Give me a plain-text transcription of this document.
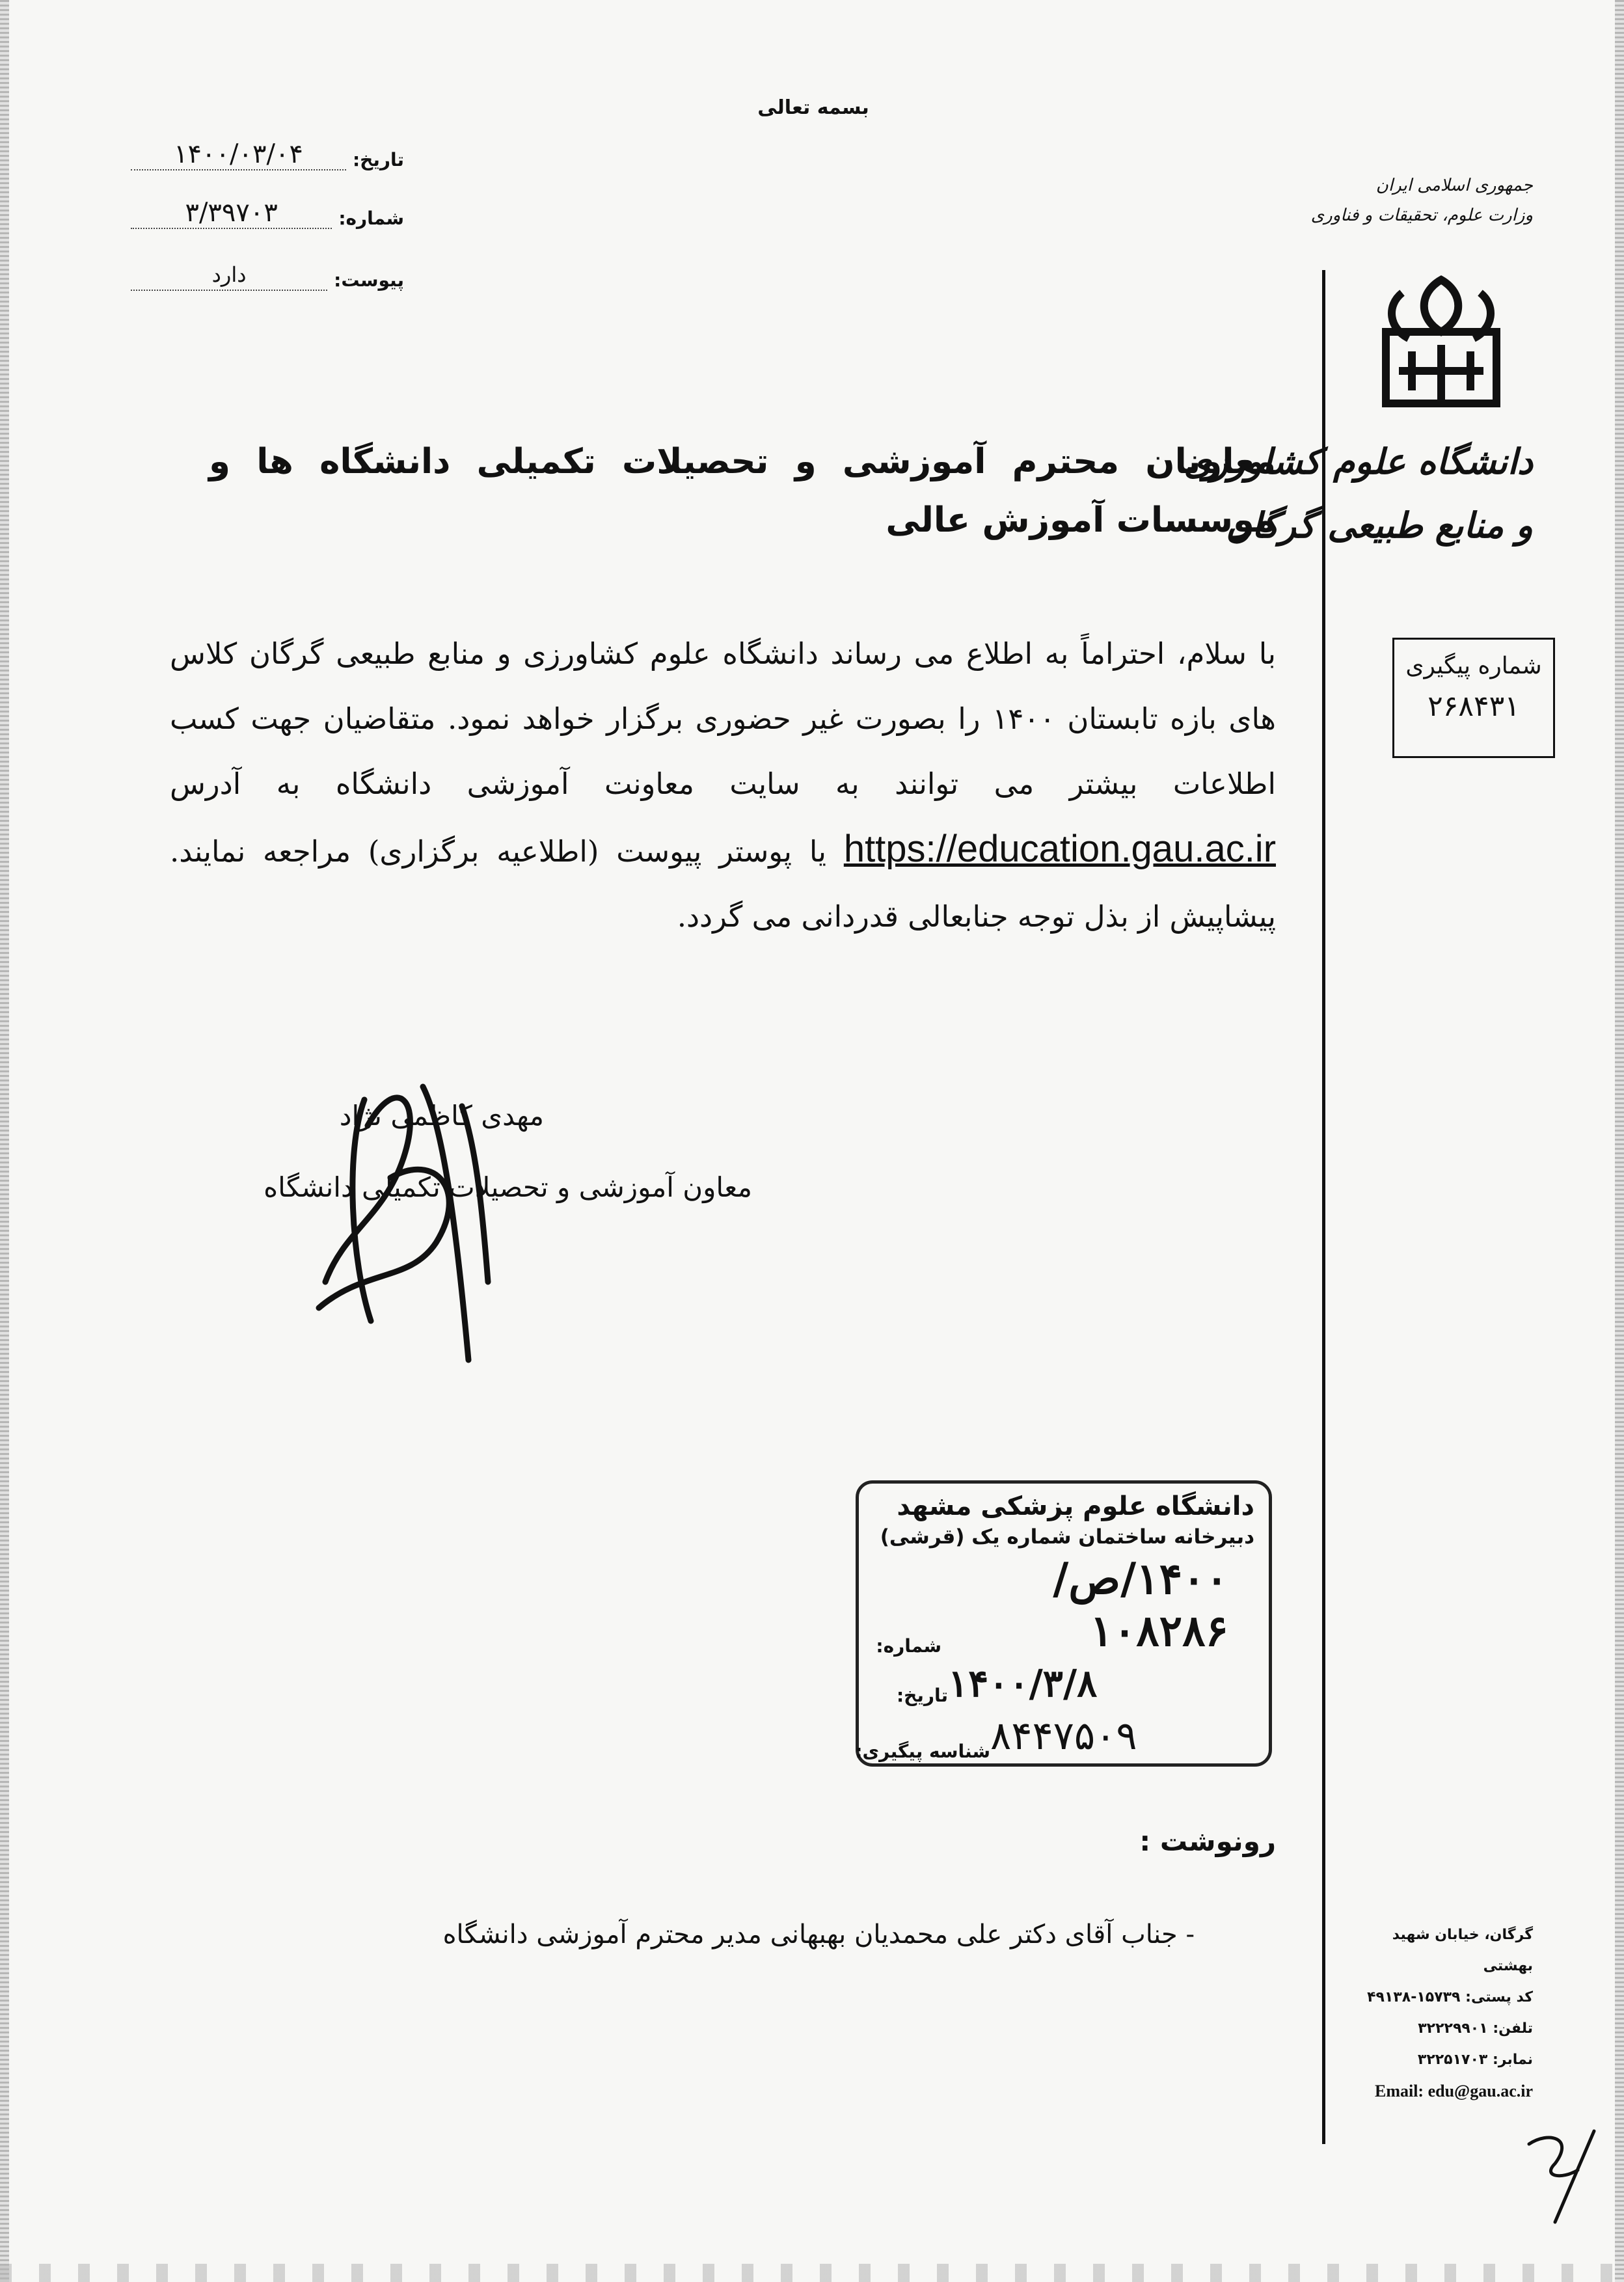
بسمه تعالی
تاریخ:
۱۴۰۰/۰۳/۰۴
شماره:
۳/۳۹۷۰۳
پیوست:
دارد
معاونان محترم آموزشی و تحصیلات تکمیلی دانشگاه ها و موسسات آموزش عالی
با سلام، احتراماً به اطلاع می رساند دانشگاه علوم کشاورزی و منابع طبیعی گرگان کلاس های بازه تابستان ۱۴۰۰ را بصورت غیر حضوری برگزار خواهد نمود. متقاضیان جهت کسب اطلاعات بیشتر می توانند به سایت معاونت آموزشی دانشگاه به آدرس https://education.gau.ac.ir یا پوستر پیوست (اطلاعیه برگزاری) مراجعه نمایند. پیشاپیش از بذل توجه جنابعالی قدردانی می گردد.
مهدی کاظمی نژاد
معاون آموزشی و تحصیلات تکمیلی دانشگاه
دانشگاه علوم پزشکی مشهد
دبیرخانه ساختمان شماره یک (قرشی)
شماره:
۱۴۰۰/ص/۱۰۸۲۸۶
تاریخ: ۱۴۰۰/۳/۸
شناسه پیگیری: ۸۴۴۷۵۰۹
رونوشت :
- جناب آقای دکتر علی محمدیان بهبهانی مدیر محترم آموزشی دانشگاه
جمهوری اسلامی ایران
وزارت علوم، تحقیقات و فناوری
دانشگاه علوم کشاورزی
و منابع طبیعی گرگان
شماره پیگیری
۲۶۸۴۳۱
گرگان، خیابان شهید بهشتی
کد پستی: ۱۵۷۳۹-۴۹۱۳۸
تلفن: ۳۲۲۲۹۹۰۱
نمابر: ۳۲۲۵۱۷۰۳
Email: edu@gau.ac.ir
